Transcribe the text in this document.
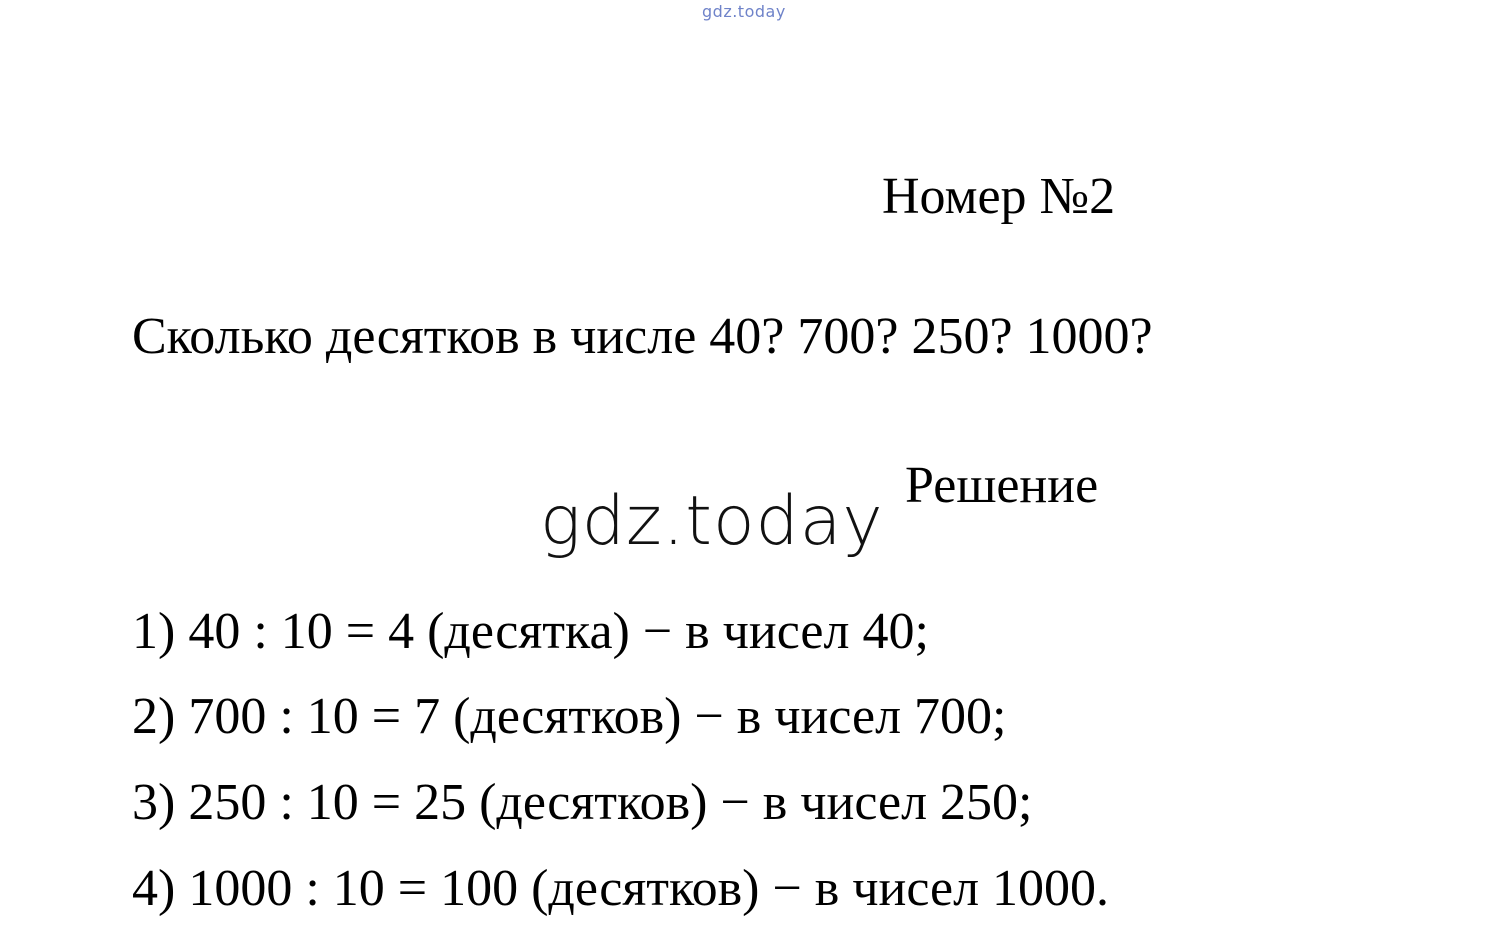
gdz.today
Номер №2
Сколько десятков в числе 40? 700? 250? 1000?
Решение
gdz.today
1) 40 : 10 = 4 (десятка) − в чисел 40;
2) 700 : 10 = 7 (десятков) − в чисел 700;
3) 250 : 10 = 25 (десятков) − в чисел 250;
4) 1000 : 10 = 100 (десятков) − в чисел 1000.
